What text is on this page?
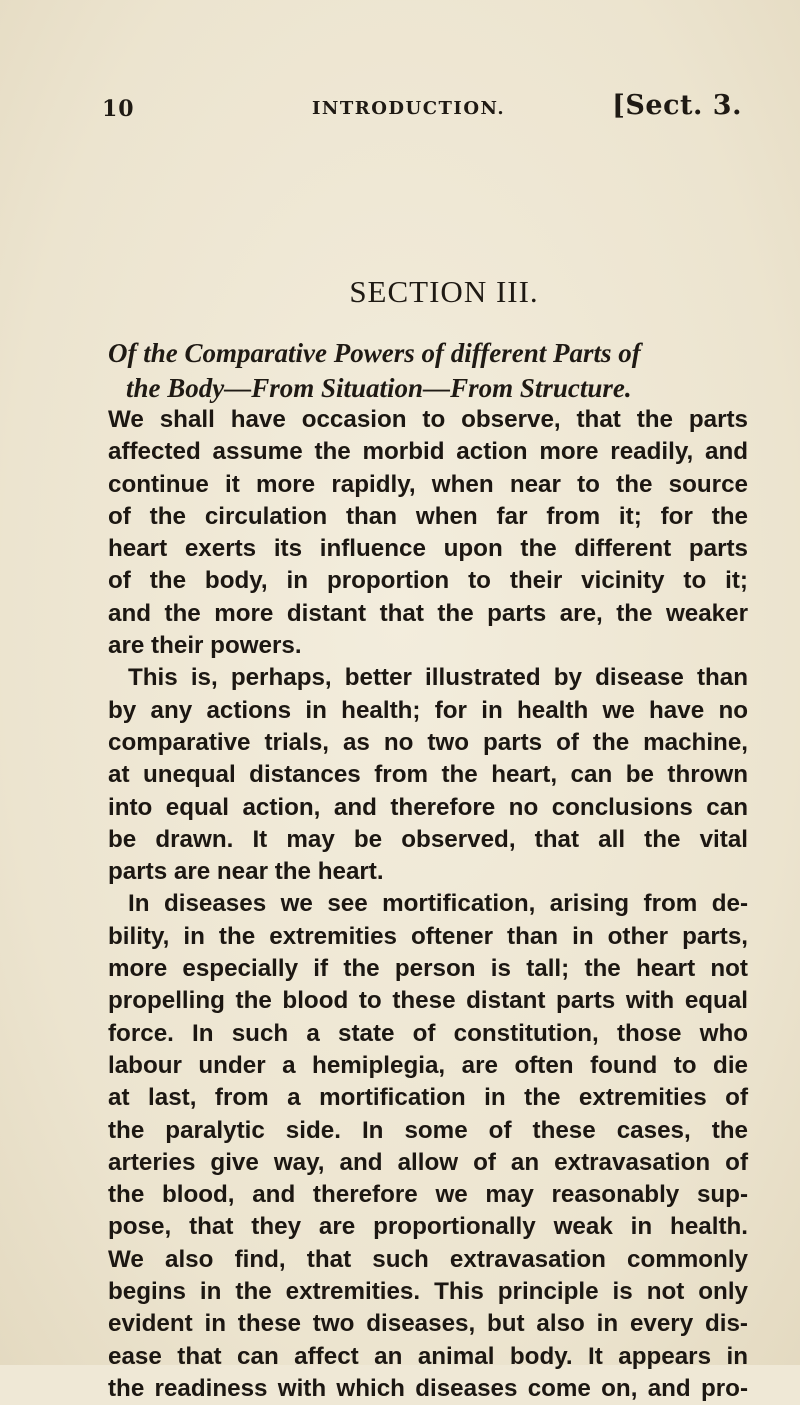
10	INTRODUCTION.	[Sect. 3.
SECTION III.
Of the Comparative Powers of different Parts of
the Body—From Situation—From Structure.
We shall have occasion to observe, that the parts
affected assume the morbid action more readily, and
continue it more rapidly, when near to the source
of the circulation than when far from it; for the
heart exerts its influence upon the different parts
of the body, in proportion to their vicinity to it;
and the more distant that the parts are, the weaker
are their powers.
This is, perhaps, better illustrated by disease than
by any actions in health; for in health we have no
comparative trials, as no two parts of the machine,
at unequal distances from the heart, can be thrown
into equal action, and therefore no conclusions can
be drawn. It may be observed, that all the vital
parts are near the heart.
In diseases we see mortification, arising from de-
bility, in the extremities oftener than in other parts,
more especially if the person is tall; the heart not
propelling the blood to these distant parts with equal
force. In such a state of constitution, those who
labour under a hemiplegia, are often found to die
at last, from a mortification in the extremities of
the paralytic side. In some of these cases, the
arteries give way, and allow of an extravasation of
the blood, and therefore we may reasonably sup-
pose, that they are proportionally weak in health.
We also find, that such extravasation commonly
begins in the extremities. This principle is not only
evident in these two diseases, but also in every dis-
ease that can affect an animal body. It appears in
the readiness with which diseases come on, and pro-
